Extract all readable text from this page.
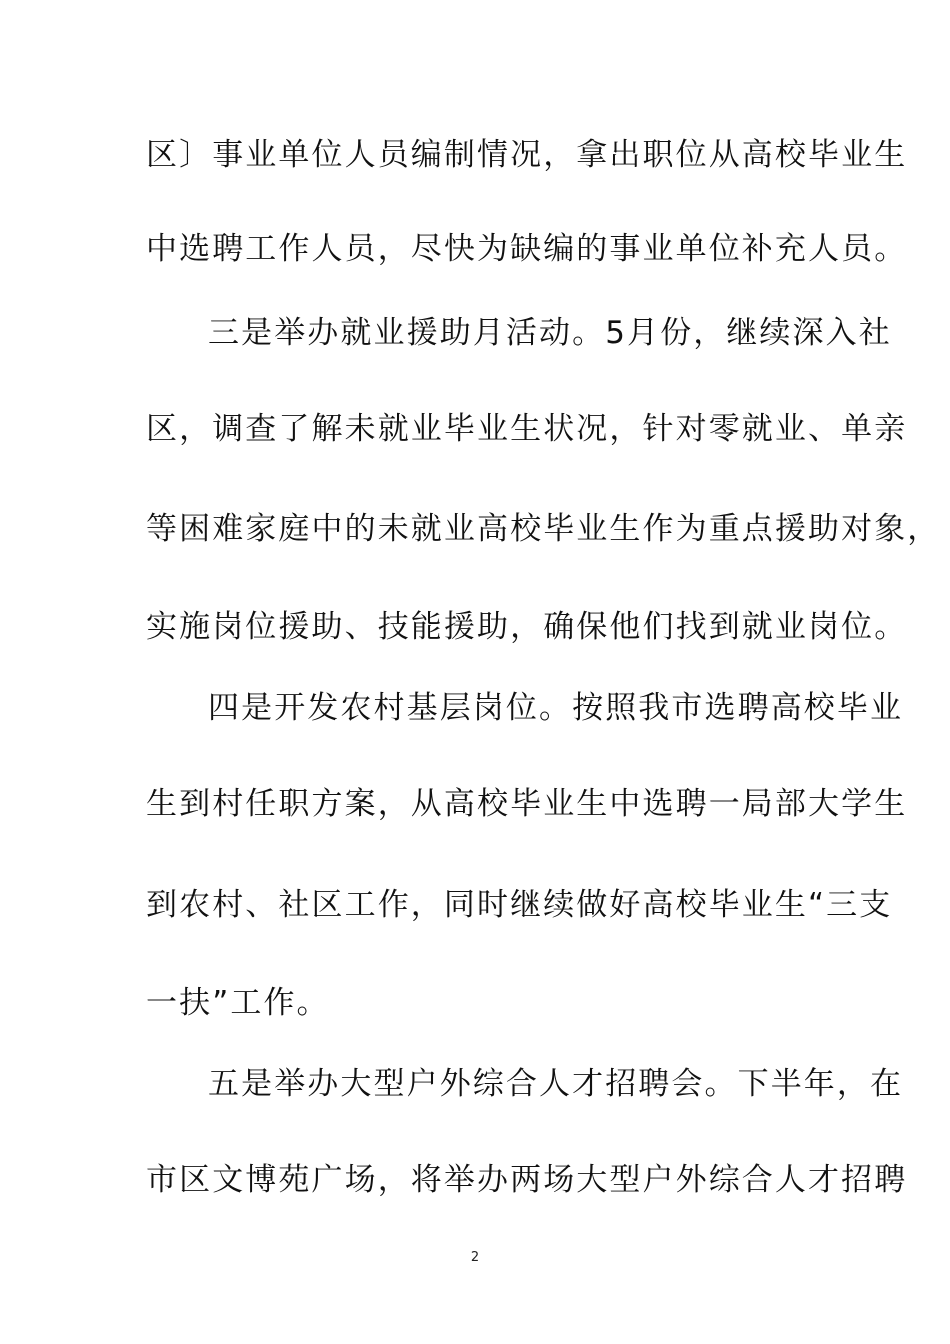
区〕事业单位人员编制情况，拿出职位从高校毕业生
中选聘工作人员，尽快为缺编的事业单位补充人员。
三是举办就业援助月活动。5月份，继续深入社
区，调查了解未就业毕业生状况，针对零就业、单亲
等困难家庭中的未就业高校毕业生作为重点援助对象，
实施岗位援助、技能援助，确保他们找到就业岗位。
四是开发农村基层岗位。按照我市选聘高校毕业
生到村任职方案，从高校毕业生中选聘一局部大学生
到农村、社区工作，同时继续做好高校毕业生“三支
一扶”工作。
五是举办大型户外综合人才招聘会。下半年，在
市区文博苑广场，将举办两场大型户外综合人才招聘
2
